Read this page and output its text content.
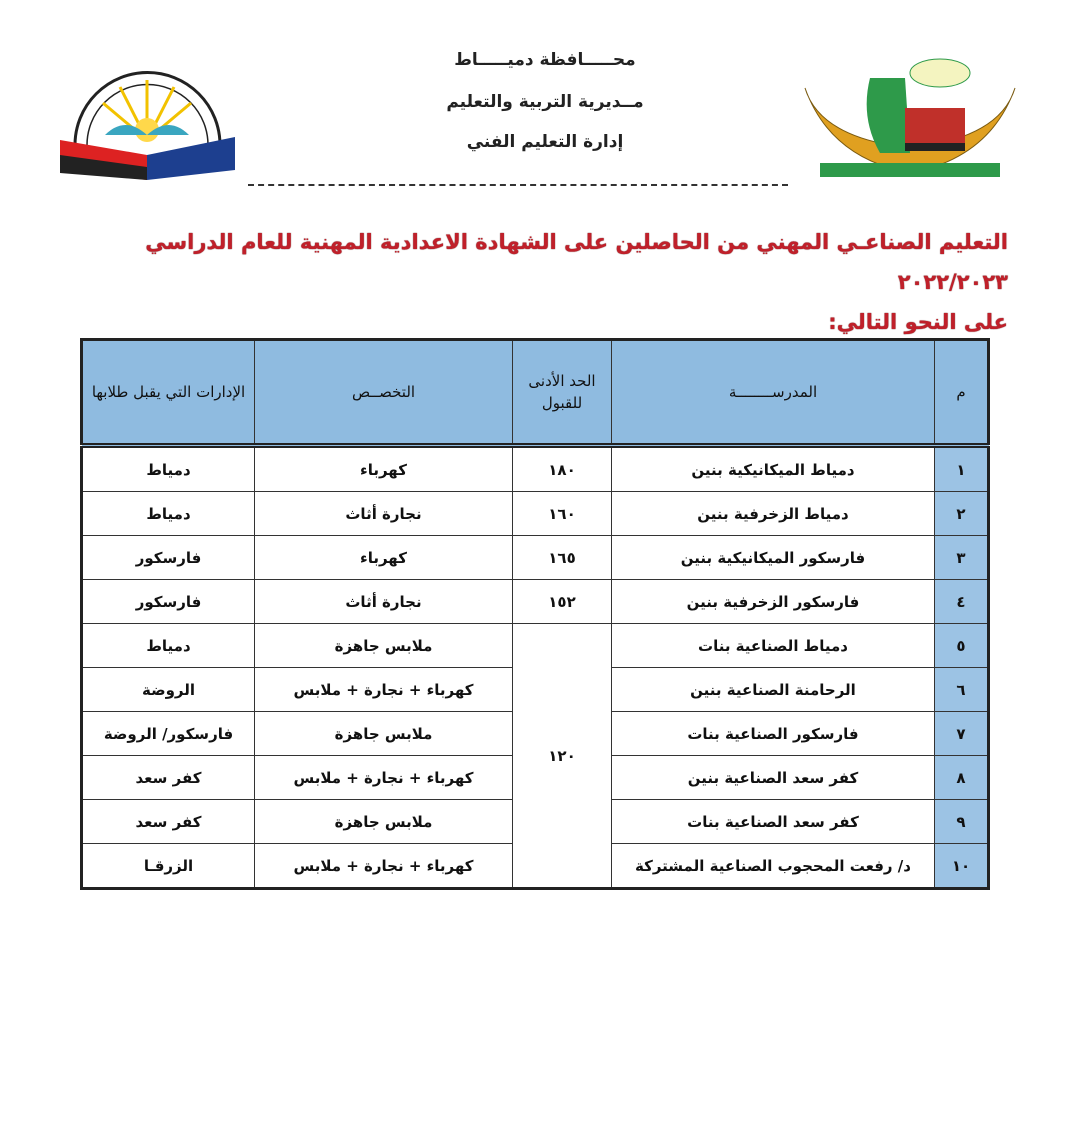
محـــــافظة دميـــــاط
مــديرية التربية والتعليم
إدارة التعليم الفني
التعليم الصناعـي المهني من الحاصلين على الشهادة الاعدادية المهنية للعام الدراسي ٢٠٢٢/٢٠٢٣
على النحو التالي:
م	المدرســــــــة	الحد الأدنى للقبول	التخصــص	الإدارات التي يقبل طلابها
١	دمياط الميكانيكية بنين	١٨٠	كهرباء	دمياط
٢	دمياط الزخرفية بنين	١٦٠	نجارة أثاث	دمياط
٣	فارسكور الميكانيكية بنين	١٦٥	كهرباء	فارسكور
٤	فارسكور الزخرفية بنين	١٥٢	نجارة أثاث	فارسكور
٥	دمياط الصناعية بنات	١٢٠	ملابس جاهزة	دمياط
٦	الرحامنة الصناعية بنين		كهرباء + نجارة + ملابس	الروضة
٧	فارسكور الصناعية بنات		ملابس جاهزة	فارسكور/ الروضة
٨	كفر سعد الصناعية بنين		كهرباء + نجارة + ملابس	كفر سعد
٩	كفر سعد الصناعية بنات		ملابس جاهزة	كفر سعد
١٠	د/ رفعت المحجوب الصناعية المشتركة		كهرباء + نجارة + ملابس	الزرقـا
